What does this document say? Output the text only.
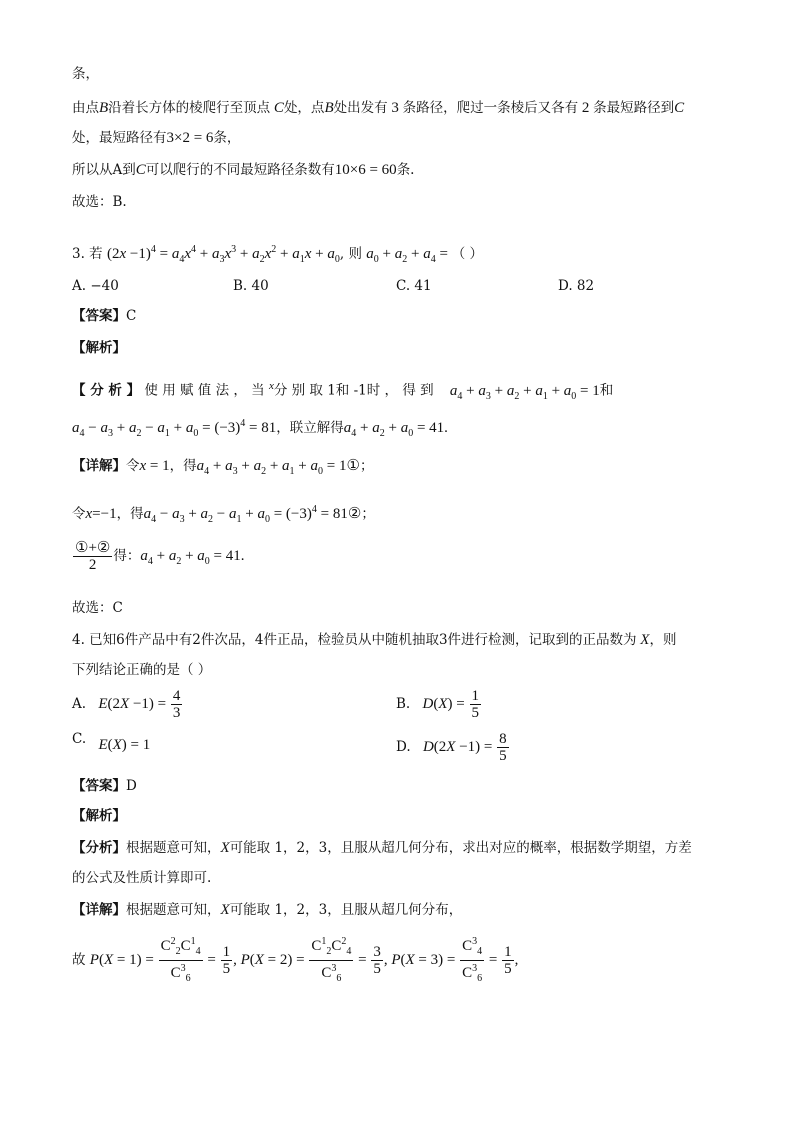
条，
由点B沿着长方体的棱爬行至顶点 C处，点B处出发有 3 条路径，爬过一条棱后又各有 2 条最短路径到C
处，最短路径有3×2 = 6条，
所以从A到C可以爬行的不同最短路径条数有10×6 = 60条.
故选：B.
3. 若 $(2x -1)^4 = a_4x^4 + a_3x^3 + a_2x^2 + a_1x + a_0$, 则 $a_0 + a_2 + a_4$ = （ ）
A. −40	B. 40	C. 41	D. 82
【答案】C
【解析】
【 分 析 】 使 用 赋 值 法 ， 当 $^x$分 别 取 1和 -1时 ， 得 到 $a_4 + a_3 + a_2 + a_1 + a_0 = 1$和
$a_4 - a_3 + a_2 - a_1 + a_0 = (-3)^4 = 81$，联立解得$a_4 + a_2 + a_0 = 41$.
【详解】令x = 1，得$a_4 + a_3 + a_2 + a_1 + a_0$ = 1①；
令x=−1，得$a_4 - a_3 + a_2 - a_1 + a_0 = (-3)^4$ = 81②；
$\frac{\text{①+②}}{2}$ 得：$a_4 + a_2 + a_0 = 41$.
故选：C
4. 已知6件产品中有2件次品，4件正品，检验员从中随机抽取3件进行检测，记取到的正品数为 X，则
下列结论正确的是（ ）
A. $E(2X -1) = \frac{4}{3}$	B. $D(X) = \frac{1}{5}$
C. E(X) = 1	D. $D(2X -1) = \frac{8}{5}$
【答案】D
【解析】
【分析】根据题意可知，X可能取 1，2，3，且服从超几何分布，求出对应的概率，根据数学期望，方差
的公式及性质计算即可.
【详解】根据题意可知，X可能取 1，2，3，且服从超几何分布，
故 $P(X = 1) = \frac{C^2_2C^1_4}{C^3_6} = \frac{1}{5}$ , $P(X = 2) = \frac{C^1_2C^2_4}{C^3_6} = \frac{3}{5}$ , $P(X = 3) = \frac{C^3_4}{C^3_6} = \frac{1}{5}$ ,
